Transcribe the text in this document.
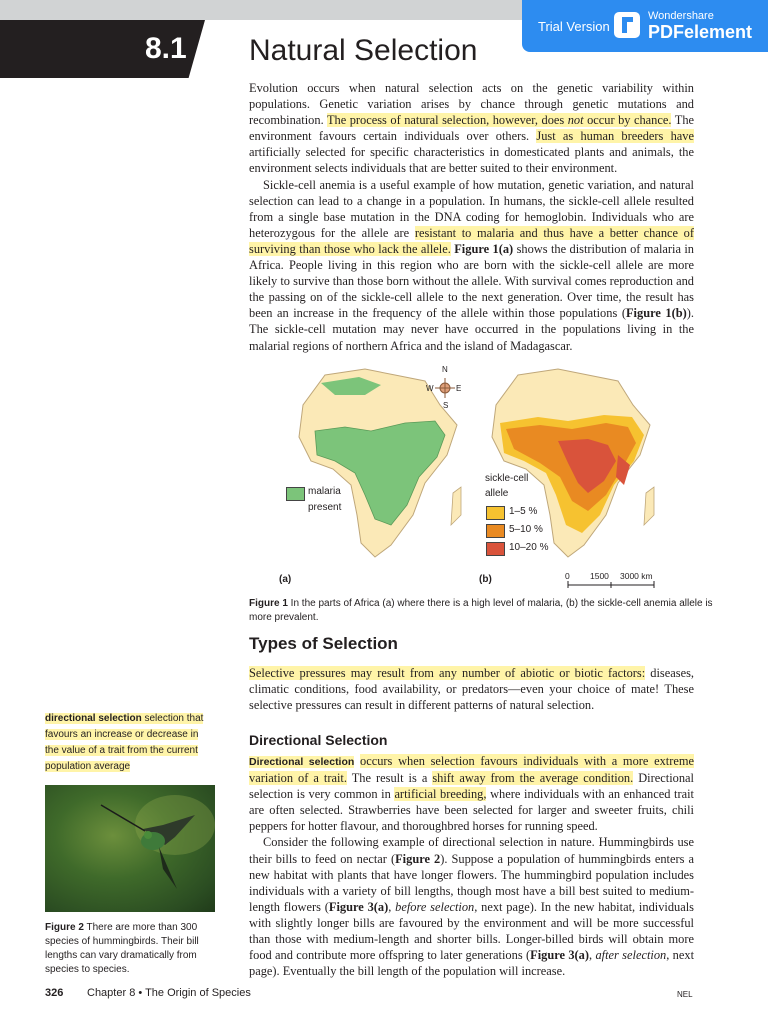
8.1 Natural Selection
Trial Version
Wondershare
PDFelement

Evolution occurs when natural selection acts on the genetic variability within populations. Genetic variation arises by chance through genetic mutations and recombination. The process of natural selection, however, does not occur by chance. The environment favours certain individuals over others. Just as human breeders have artificially selected for specific characteristics in domesticated plants and animals, the environment selects individuals that are better suited to their environment.

Sickle-cell anemia is a useful example of how mutation, genetic variation, and natural selection can lead to a change in a population. In humans, the sickle-cell allele resulted from a single base mutation in the DNA coding for hemoglobin. Individuals who are heterozygous for the allele are resistant to malaria and thus have a better chance of surviving than those who lack the allele. Figure 1(a) shows the distribution of malaria in Africa. People living in this region who are born with the sickle-cell allele are more likely to survive than those born without the allele. With survival comes reproduction and the passing on of the sickle-cell allele to the next generation. Over time, the result has been an increase in the frequency of the allele within those populations (Figure 1(b)). The sickle-cell mutation may never have occurred in the populations living in the malarial regions of northern Africa and the island of Madagascar.

N
S
W	E
malaria
present
sickle-cell
allele
1–5 %
5–10 %
10–20 %
(a)	(b)	0 1500 3000 km
Figure 1 In the parts of Africa (a) where there is a high level of malaria, (b) the sickle-cell anemia allele is more prevalent.
Types of Selection

Selective pressures may result from any number of abiotic or biotic factors: diseases, climatic conditions, food availability, or predators—even your choice of mate! These selective pressures can result in different patterns of natural selection.

Directional Selection

Directional selection occurs when selection favours individuals with a more extreme variation of a trait. The result is a shift away from the average condition. Directional selection is very common in artificial breeding, where individuals with an enhanced trait are often selected. Strawberries have been selected for larger and sweeter fruits, chili peppers for hotter flavour, and thoroughbred horses for running speed.

Consider the following example of directional selection in nature. Hummingbirds use their bills to feed on nectar (Figure 2). Suppose a population of hummingbirds enters a new habitat with plants that have longer flowers. The hummingbird population includes individuals with a variety of bill lengths, though most have a bill best suited to medium-length flowers (Figure 3(a), before selection, next page). In the new habitat, individuals with slightly longer bills are favoured by the environment and will be more successful than those with medium-length and shorter bills. Longer-billed birds will obtain more food and contribute more offspring to later generations (Figure 3(a), after selection, next page). Eventually the bill length of the population will increase.

directional selection selection that favours an increase or decrease in the value of a trait from the current population average
Figure 2 There are more than 300 species of hummingbirds. Their bill lengths can vary dramatically from species to species.
326 Chapter 8 • The Origin of Species	NEL
